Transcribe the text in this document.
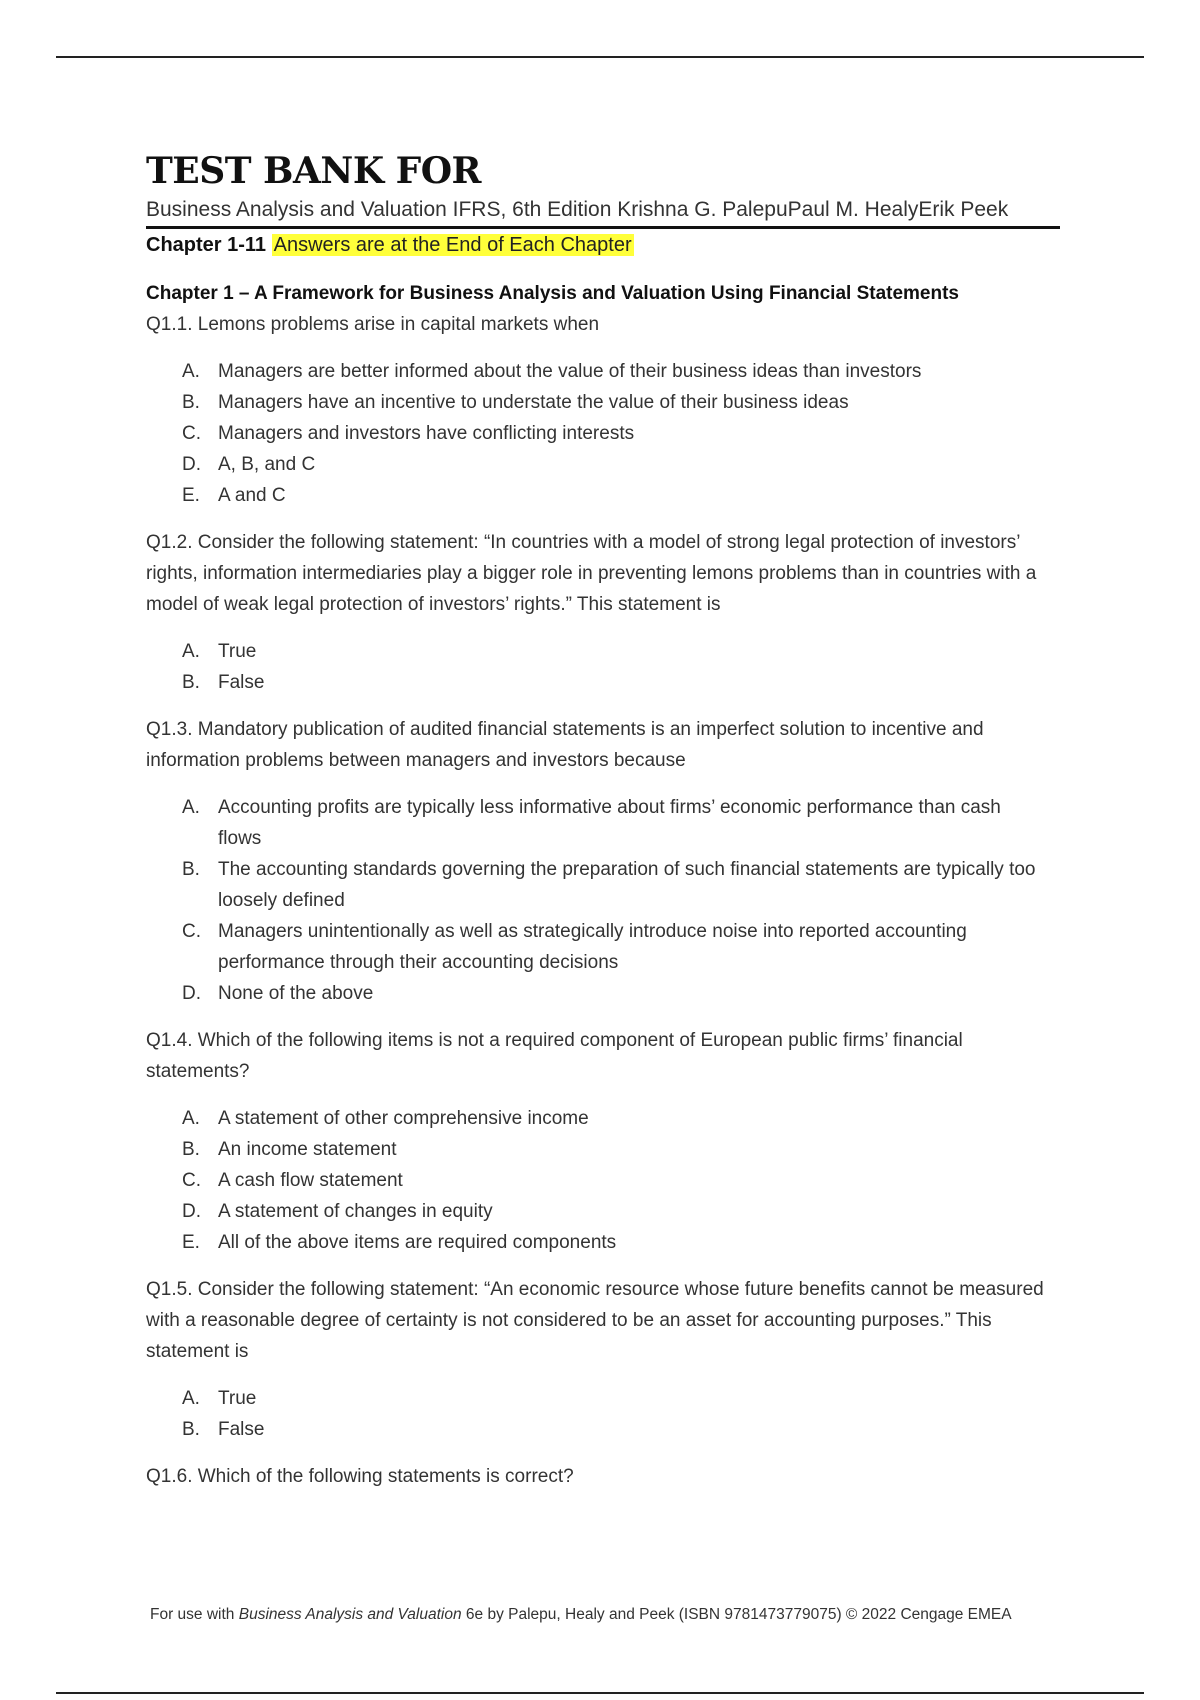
TEST BANK FOR
Business Analysis and Valuation IFRS, 6th Edition Krishna G. PalepuPaul M. HealyErik Peek
Chapter 1-11 Answers are at the End of Each Chapter
Chapter 1 – A Framework for Business Analysis and Valuation Using Financial Statements
Q1.1. Lemons problems arise in capital markets when
A. Managers are better informed about the value of their business ideas than investors
B. Managers have an incentive to understate the value of their business ideas
C. Managers and investors have conflicting interests
D. A, B, and C
E. A and C
Q1.2. Consider the following statement: “In countries with a model of strong legal protection of investors’ rights, information intermediaries play a bigger role in preventing lemons problems than in countries with a model of weak legal protection of investors’ rights.” This statement is
A. True
B. False
Q1.3. Mandatory publication of audited financial statements is an imperfect solution to incentive and information problems between managers and investors because
A. Accounting profits are typically less informative about firms’ economic performance than cash flows
B. The accounting standards governing the preparation of such financial statements are typically too loosely defined
C. Managers unintentionally as well as strategically introduce noise into reported accounting performance through their accounting decisions
D. None of the above
Q1.4. Which of the following items is not a required component of European public firms’ financial statements?
A. A statement of other comprehensive income
B. An income statement
C. A cash flow statement
D. A statement of changes in equity
E. All of the above items are required components
Q1.5. Consider the following statement: “An economic resource whose future benefits cannot be measured with a reasonable degree of certainty is not considered to be an asset for accounting purposes.” This statement is
A. True
B. False
Q1.6. Which of the following statements is correct?
For use with Business Analysis and Valuation 6e by Palepu, Healy and Peek (ISBN 9781473779075) © 2022 Cengage EMEA
